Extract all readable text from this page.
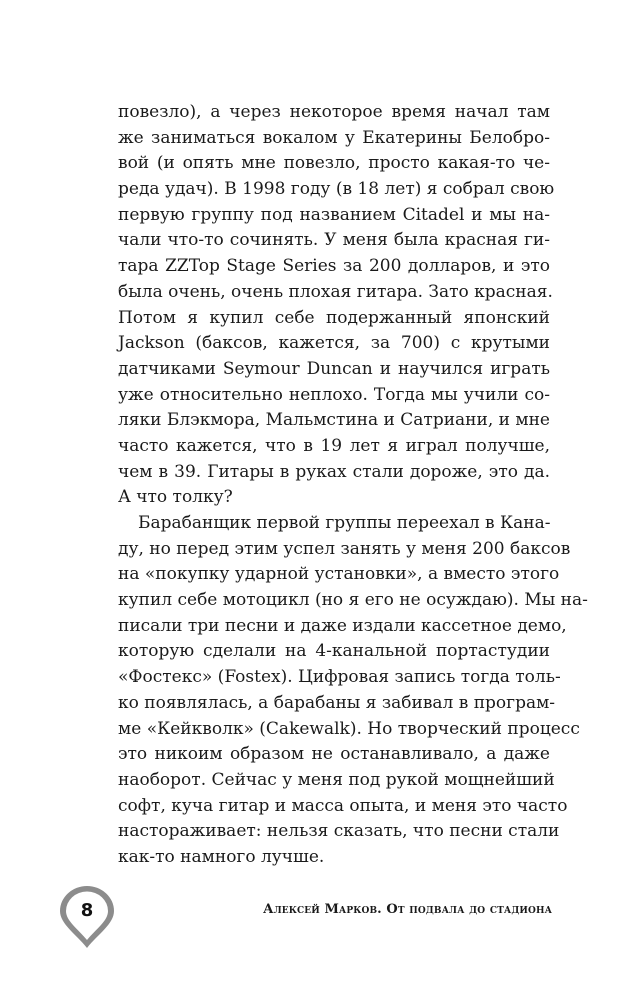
повезло), а через некоторое время начал там
же заниматься вокалом у Екатерины Белобро-
вой (и опять мне повезло, просто какая-то че-
реда удач). В 1998 году (в 18 лет) я собрал свою
первую группу под названием Citadel и мы на-
чали что-то сочинять. У меня была красная ги-
тара ZZTop Stage Series за 200 долларов, и это
была очень, очень плохая гитара. Зато красная.
Потом я купил себе подержанный японский
Jackson (баксов, кажется, за 700) с крутыми
датчиками Seymour Duncan и научился играть
уже относительно неплохо. Тогда мы учили со-
ляки Блэкмора, Мальмстина и Сатриани, и мне
часто кажется, что в 19 лет я играл получше,
чем в 39. Гитары в руках стали дороже, это да.
А что толку?
Барабанщик первой группы переехал в Кана-
ду, но перед этим успел занять у меня 200 баксов
на «покупку ударной установки», а вместо этого
купил себе мотоцикл (но я его не осуждаю). Мы на-
писали три песни и даже издали кассетное демо,
которую сделали на 4-канальной портастудии
«Фостекс» (Fostex). Цифровая запись тогда толь-
ко появлялась, а барабаны я забивал в програм-
ме «Кейкволк» (Cakewalk). Но творческий процесс
это никоим образом не останавливало, а даже
наоборот. Сейчас у меня под рукой мощнейший
софт, куча гитар и масса опыта, и меня это часто
настораживает: нельзя сказать, что песни стали
как-то намного лучше.
8	Алексей Марков. От подвала до стадиона
